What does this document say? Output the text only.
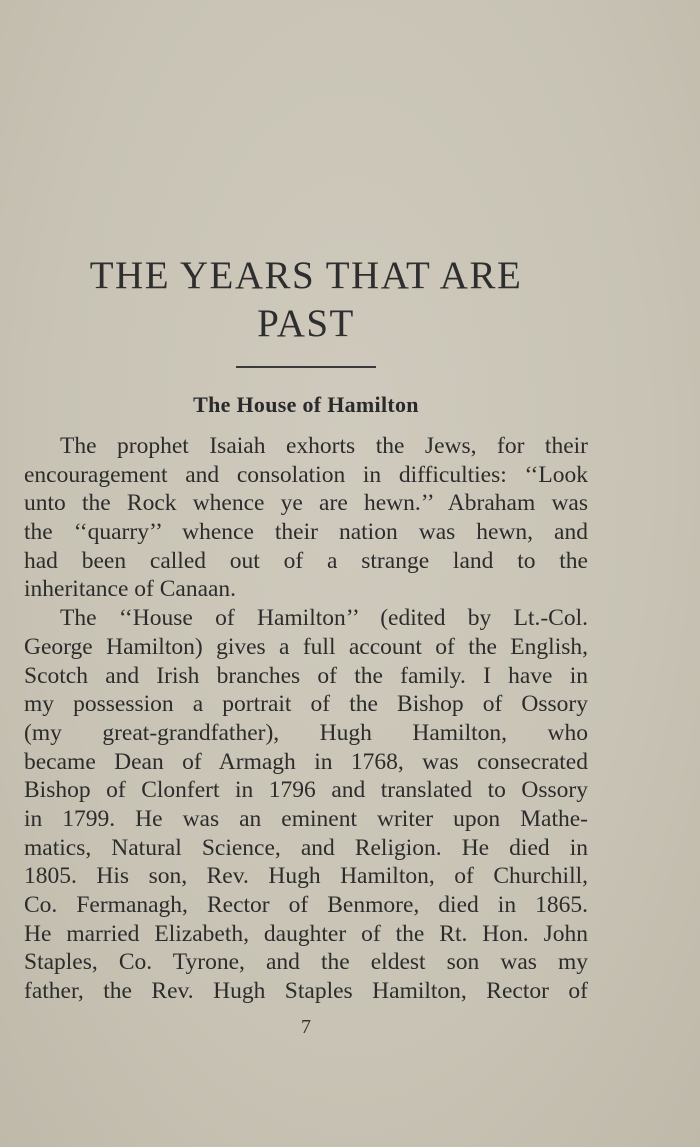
THE YEARS THAT ARE
PAST
The House of Hamilton
The prophet Isaiah exhorts the Jews, for their
encouragement and consolation in difficulties: ‘‘Look
unto the Rock whence ye are hewn.’’ Abraham was
the ‘‘quarry’’ whence their nation was hewn, and
had been called out of a strange land to the
inheritance of Canaan.
The ‘‘House of Hamilton’’ (edited by Lt.-Col.
George Hamilton) gives a full account of the English,
Scotch and Irish branches of the family. I have in
my possession a portrait of the Bishop of Ossory
(my great-grandfather), Hugh Hamilton, who
became Dean of Armagh in 1768, was consecrated
Bishop of Clonfert in 1796 and translated to Ossory
in 1799. He was an eminent writer upon Mathe-
matics, Natural Science, and Religion. He died in
1805. His son, Rev. Hugh Hamilton, of Churchill,
Co. Fermanagh, Rector of Benmore, died in 1865.
He married Elizabeth, daughter of the Rt. Hon. John
Staples, Co. Tyrone, and the eldest son was my
father, the Rev. Hugh Staples Hamilton, Rector of
7
